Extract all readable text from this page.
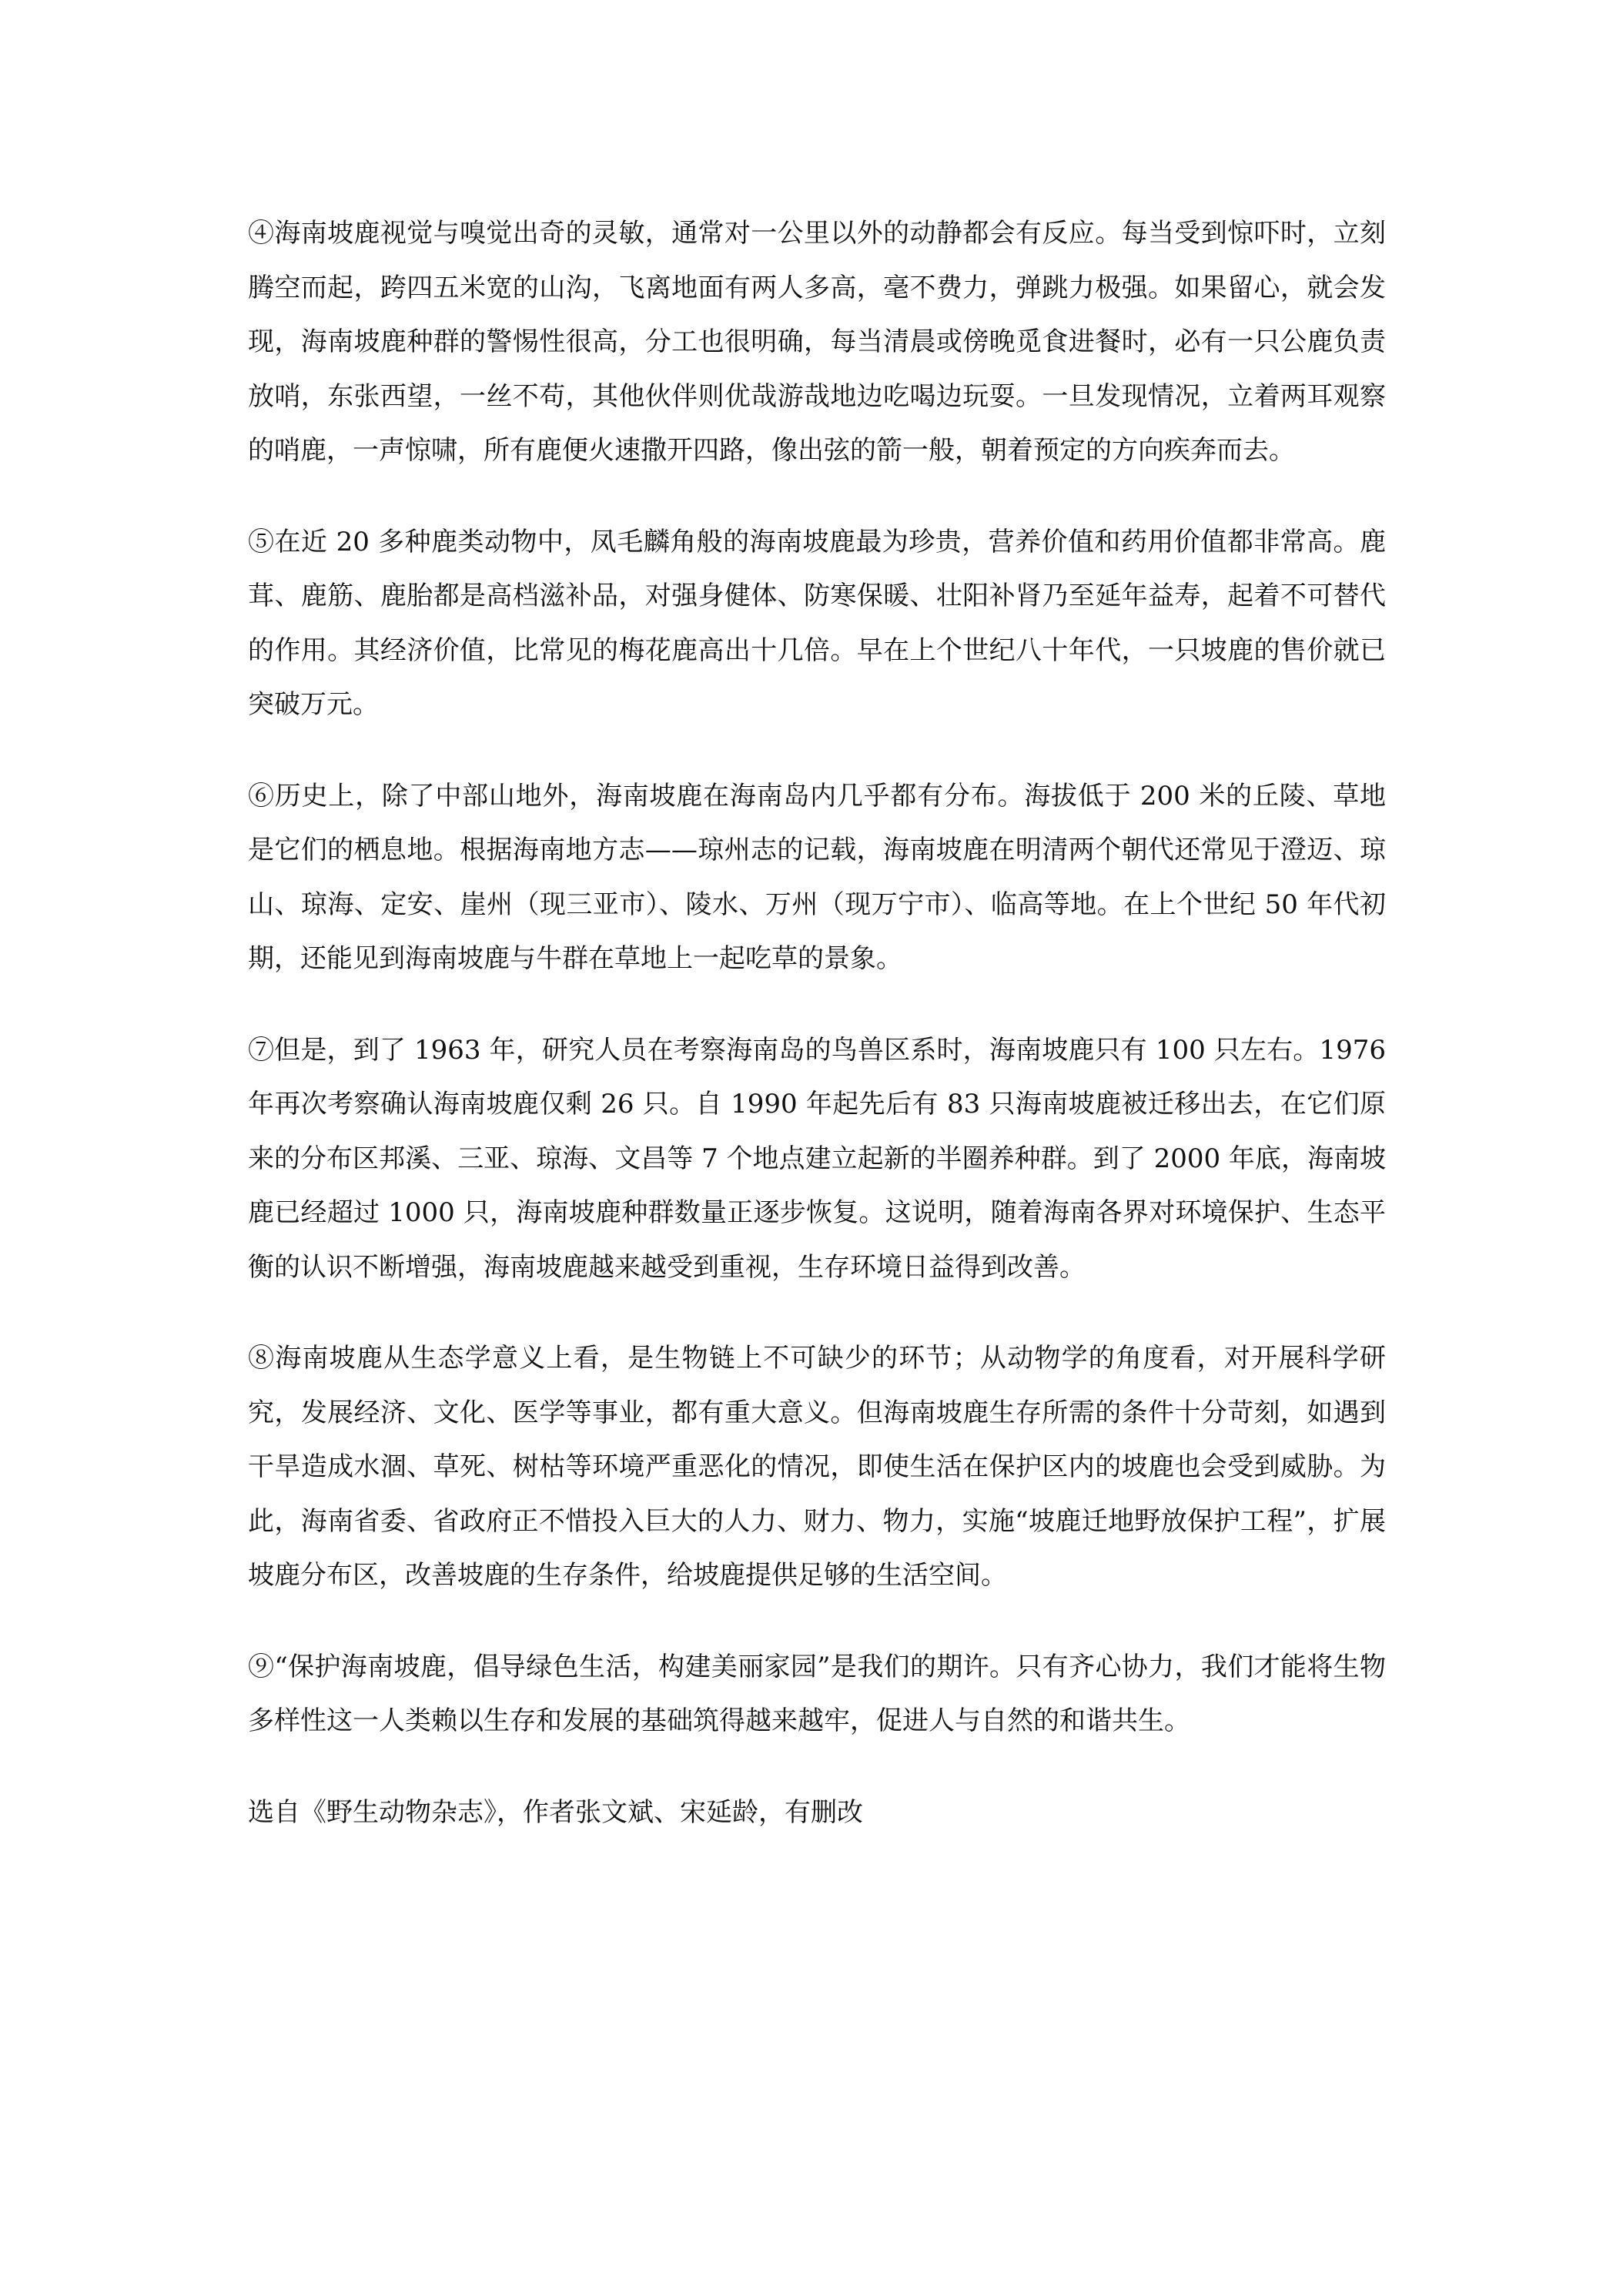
④海南坡鹿视觉与嗅觉出奇的灵敏，通常对一公里以外的动静都会有反应。每当受到惊吓时，立刻腾空而起，跨四五米宽的山沟，飞离地面有两人多高，毫不费力，弹跳力极强。如果留心，就会发现，海南坡鹿种群的警惕性很高，分工也很明确，每当清晨或傍晚觅食进餐时，必有一只公鹿负责放哨，东张西望，一丝不苟，其他伙伴则优哉游哉地边吃喝边玩耍。一旦发现情况，立着两耳观察的哨鹿，一声惊啸，所有鹿便火速撒开四路，像出弦的箭一般，朝着预定的方向疾奔而去。

⑤在近 20 多种鹿类动物中，凤毛麟角般的海南坡鹿最为珍贵，营养价值和药用价值都非常高。鹿茸、鹿筋、鹿胎都是高档滋补品，对强身健体、防寒保暖、壮阳补肾乃至延年益寿，起着不可替代的作用。其经济价值，比常见的梅花鹿高出十几倍。早在上个世纪八十年代，一只坡鹿的售价就已突破万元。

⑥历史上，除了中部山地外，海南坡鹿在海南岛内几乎都有分布。海拔低于 200 米的丘陵、草地是它们的栖息地。根据海南地方志——琼州志的记载，海南坡鹿在明清两个朝代还常见于澄迈、琼山、琼海、定安、崖州（现三亚市）、陵水、万州（现万宁市）、临高等地。在上个世纪 50 年代初期，还能见到海南坡鹿与牛群在草地上一起吃草的景象。

⑦但是，到了 1963 年，研究人员在考察海南岛的鸟兽区系时，海南坡鹿只有 100 只左右。1976 年再次考察确认海南坡鹿仅剩 26 只。自 1990 年起先后有 83 只海南坡鹿被迁移出去，在它们原来的分布区邦溪、三亚、琼海、文昌等 7 个地点建立起新的半圈养种群。到了 2000 年底，海南坡鹿已经超过 1000 只，海南坡鹿种群数量正逐步恢复。这说明，随着海南各界对环境保护、生态平衡的认识不断增强，海南坡鹿越来越受到重视，生存环境日益得到改善。

⑧海南坡鹿从生态学意义上看，是生物链上不可缺少的环节；从动物学的角度看，对开展科学研究，发展经济、文化、医学等事业，都有重大意义。但海南坡鹿生存所需的条件十分苛刻，如遇到干旱造成水涸、草死、树枯等环境严重恶化的情况，即使生活在保护区内的坡鹿也会受到威胁。为此，海南省委、省政府正不惜投入巨大的人力、财力、物力，实施“坡鹿迁地野放保护工程”，扩展坡鹿分布区，改善坡鹿的生存条件，给坡鹿提供足够的生活空间。

⑨“保护海南坡鹿，倡导绿色生活，构建美丽家园”是我们的期许。只有齐心协力，我们才能将生物多样性这一人类赖以生存和发展的基础筑得越来越牢，促进人与自然的和谐共生。

选自《野生动物杂志》，作者张文斌、宋延龄，有删改
